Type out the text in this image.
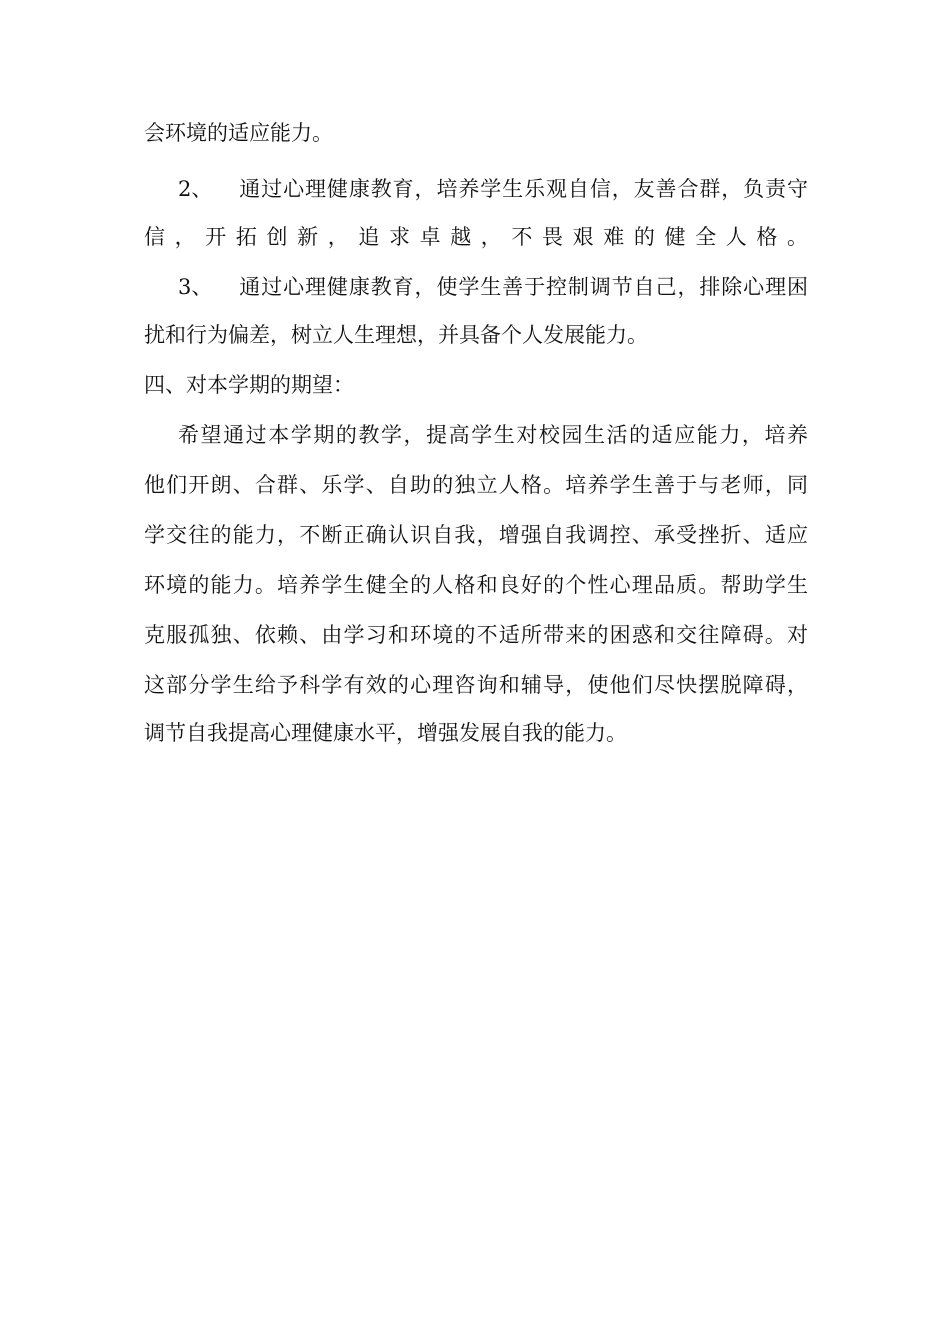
会环境的适应能力。
2、 通过心理健康教育，培养学生乐观自信，友善合群，负责守
信，开拓创新，追求卓越，不畏艰难的健全人格。
3、 通过心理健康教育，使学生善于控制调节自己，排除心理困
扰和行为偏差，树立人生理想，并具备个人发展能力。
四、对本学期的期望：
希望通过本学期的教学，提高学生对校园生活的适应能力，培养
他们开朗、合群、乐学、自助的独立人格。培养学生善于与老师，同
学交往的能力，不断正确认识自我，增强自我调控、承受挫折、适应
环境的能力。培养学生健全的人格和良好的个性心理品质。帮助学生
克服孤独、依赖、由学习和环境的不适所带来的困惑和交往障碍。对
这部分学生给予科学有效的心理咨询和辅导，使他们尽快摆脱障碍，
调节自我提高心理健康水平，增强发展自我的能力。
